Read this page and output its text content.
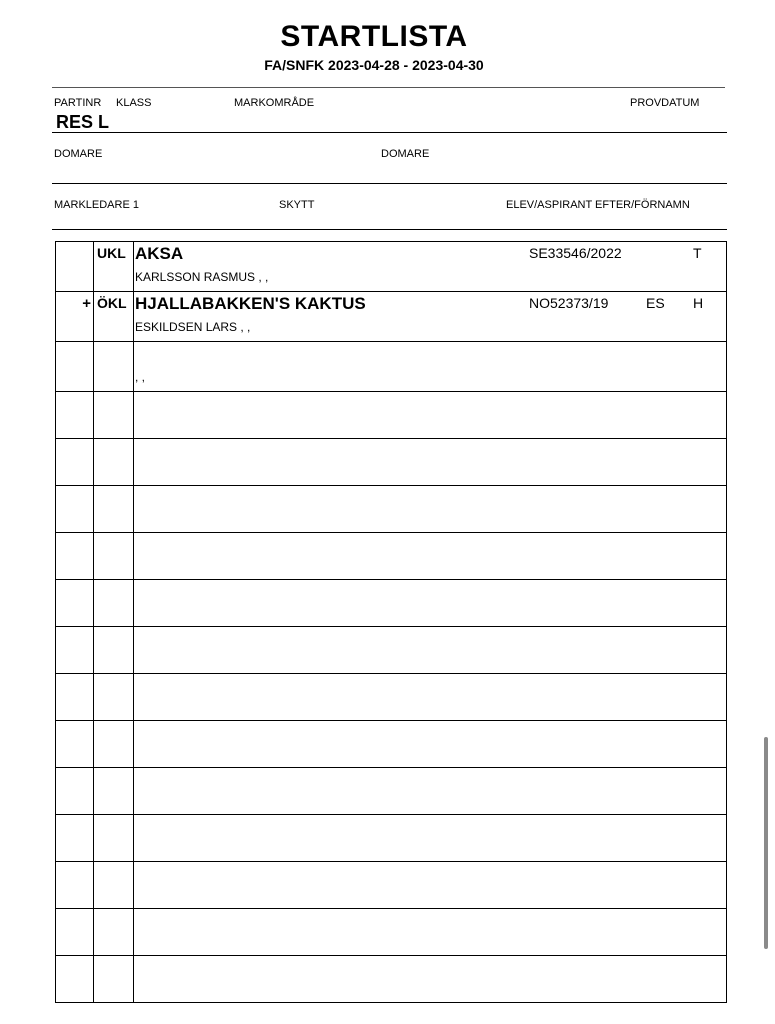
STARTLISTA
FA/SNFK 2023-04-28 - 2023-04-30
PARTINR KLASS	MARKOMRÅDE	PROVDATUM
RES L
DOMARE	DOMARE
MARKLEDARE 1	SKYTT	ELEV/ASPIRANT EFTER/FÖRNAMN
	UKL	AKSA SE33546/2022 T
KARLSSON RASMUS , ,

+	ÖKL	HJALLABAKKEN'S KAKTUS NO52373/19 ES H
ESKILDSEN LARS , ,

		, ,
